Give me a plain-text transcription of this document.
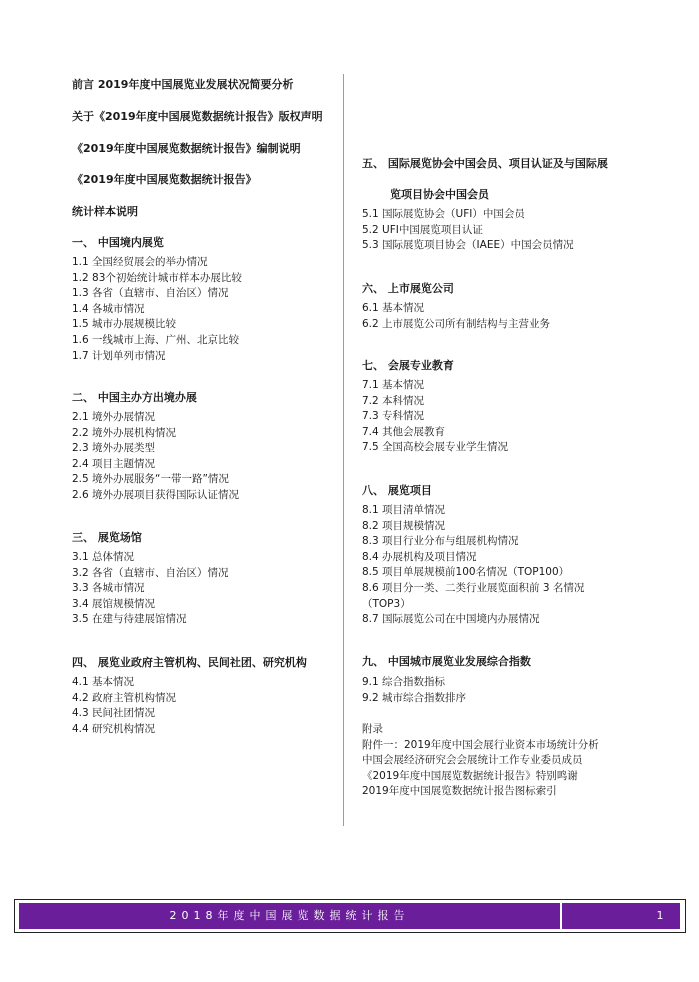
前言 2019年度中国展览业发展状况简要分析
关于《2019年度中国展览数据统计报告》版权声明
《2019年度中国展览数据统计报告》编制说明
《2019年度中国展览数据统计报告》
统计样本说明
一、 中国境内展览
1.1 全国经贸展会的举办情况
1.2 83个初始统计城市样本办展比较
1.3 各省（直辖市、自治区）情况
1.4 各城市情况
1.5 城市办展规模比较
1.6 一线城市上海、广州、北京比较
1.7 计划单列市情况
二、 中国主办方出境办展
2.1 境外办展情况
2.2 境外办展机构情况
2.3 境外办展类型
2.4 项目主题情况
2.5 境外办展服务“一带一路”情况
2.6 境外办展项目获得国际认证情况
三、 展览场馆
3.1 总体情况
3.2 各省（直辖市、自治区）情况
3.3 各城市情况
3.4 展馆规模情况
3.5 在建与待建展馆情况
四、 展览业政府主管机构、民间社团、研究机构
4.1 基本情况
4.2 政府主管机构情况
4.3 民间社团情况
4.4 研究机构情况
五、 国际展览协会中国会员、项目认证及与国际展
览项目协会中国会员
5.1 国际展览协会（UFI）中国会员
5.2 UFI中国展览项目认证
5.3 国际展览项目协会（IAEE）中国会员情况
六、 上市展览公司
6.1 基本情况
6.2 上市展览公司所有制结构与主营业务
七、 会展专业教育
7.1 基本情况
7.2 本科情况
7.3 专科情况
7.4 其他会展教育
7.5 全国高校会展专业学生情况
八、 展览项目
8.1 项目清单情况
8.2 项目规模情况
8.3 项目行业分布与组展机构情况
8.4 办展机构及项目情况
8.5 项目单展规模前100名情况（TOP100）
8.6 项目分一类、二类行业展览面积前 3 名情况
（TOP3）
8.7 国际展览公司在中国境内办展情况
九、 中国城市展览业发展综合指数
9.1 综合指数指标
9.2 城市综合指数排序
附录
附件一：2019年度中国会展行业资本市场统计分析
中国会展经济研究会会展统计工作专业委员成员
《2019年度中国展览数据统计报告》特别鸣谢
2019年度中国展览数据统计报告图标索引
2018年度中国展览数据统计报告	1
